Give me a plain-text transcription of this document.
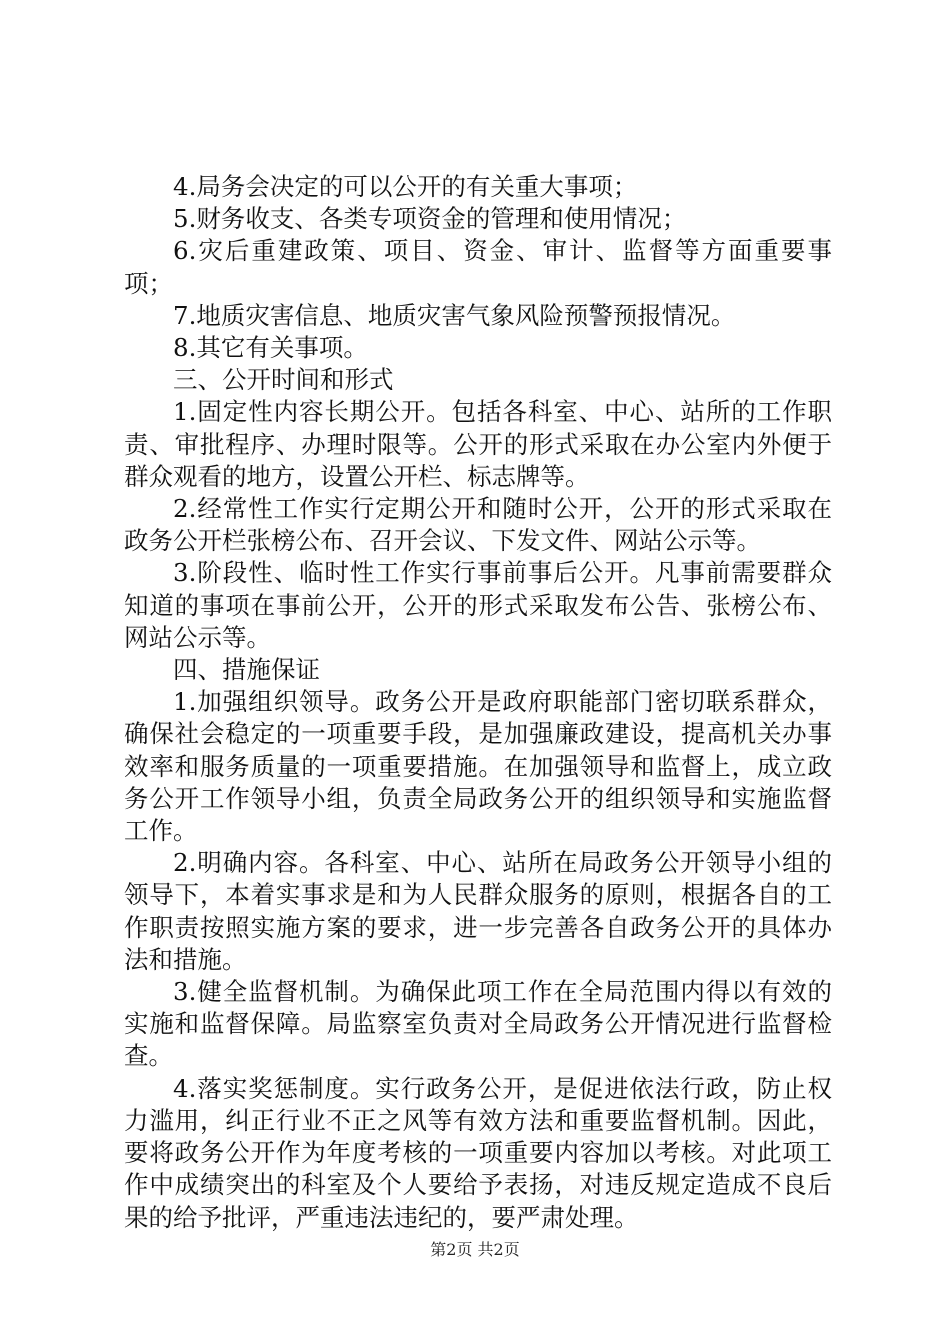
4.局务会决定的可以公开的有关重大事项；

5.财务收支、各类专项资金的管理和使用情况；

6.灾后重建政策、项目、资金、审计、监督等方面重要事项；

7.地质灾害信息、地质灾害气象风险预警预报情况。

8.其它有关事项。

三、公开时间和形式

1.固定性内容长期公开。包括各科室、中心、站所的工作职责、审批程序、办理时限等。公开的形式采取在办公室内外便于群众观看的地方，设置公开栏、标志牌等。

2.经常性工作实行定期公开和随时公开，公开的形式采取在政务公开栏张榜公布、召开会议、下发文件、网站公示等。

3.阶段性、临时性工作实行事前事后公开。凡事前需要群众知道的事项在事前公开，公开的形式采取发布公告、张榜公布、网站公示等。

四、措施保证

1.加强组织领导。政务公开是政府职能部门密切联系群众，确保社会稳定的一项重要手段，是加强廉政建设，提高机关办事效率和服务质量的一项重要措施。在加强领导和监督上，成立政务公开工作领导小组，负责全局政务公开的组织领导和实施监督工作。

2.明确内容。各科室、中心、站所在局政务公开领导小组的领导下，本着实事求是和为人民群众服务的原则，根据各自的工作职责按照实施方案的要求，进一步完善各自政务公开的具体办法和措施。

3.健全监督机制。为确保此项工作在全局范围内得以有效的实施和监督保障。局监察室负责对全局政务公开情况进行监督检查。

4.落实奖惩制度。实行政务公开，是促进依法行政，防止权力滥用，纠正行业不正之风等有效方法和重要监督机制。因此，要将政务公开作为年度考核的一项重要内容加以考核。对此项工作中成绩突出的科室及个人要给予表扬，对违反规定造成不良后果的给予批评，严重违法违纪的，要严肃处理。

第2页 共2页
